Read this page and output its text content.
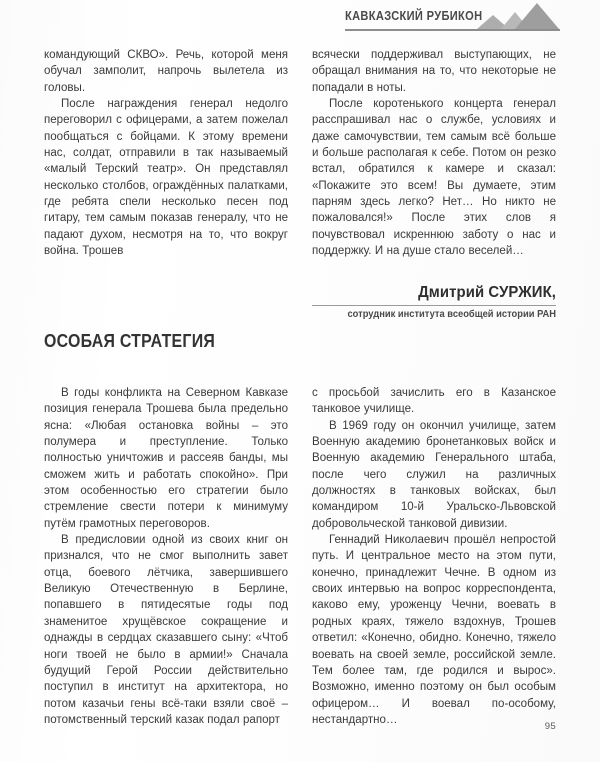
КАВКАЗСКИЙ РУБИКОН

командующий СКВО». Речь, которой меня обучал замполит, напрочь вылетела из головы.

После награждения генерал недолго переговорил с офицерами, а затем пожелал пообщаться с бойцами. К этому времени нас, солдат, отправили в так называемый «малый Терский театр». Он представлял несколько столбов, ограждённых палатками, где ребята спели несколько песен под гитару, тем самым показав генералу, что не падают духом, несмотря на то, что вокруг война. Трошев

всячески поддерживал выступающих, не обращал внимания на то, что некоторые не попадали в ноты.

После коротенького концерта генерал расспрашивал нас о службе, условиях и даже самочувствии, тем самым всё больше и больше располагая к себе. Потом он резко встал, обратился к камере и сказал: «Покажите это всем! Вы думаете, этим парням здесь легко? Нет… Но никто не пожаловался!» После этих слов я почувствовал искреннюю заботу о нас и поддержку. И на душе стало веселей…

Дмитрий СУРЖИК,
сотрудник института всеобщей истории РАН
ОСОБАЯ СТРАТЕГИЯ

В годы конфликта на Северном Кавказе позиция генерала Трошева была предельно ясна: «Любая остановка войны – это полумера и преступление. Только полностью уничтожив и рассеяв банды, мы сможем жить и работать спокойно». При этом особенностью его стратегии было стремление свести потери к минимуму путём грамотных переговоров.

В предисловии одной из своих книг он признался, что не смог выполнить завет отца, боевого лётчика, завершившего Великую Отечественную в Берлине, попавшего в пятидесятые годы под знаменитое хрущёвское сокращение и однажды в сердцах сказавшего сыну: «Чтоб ноги твоей не было в армии!» Сначала будущий Герой России действительно поступил в институт на архитектора, но потом казачьи гены всё-таки взяли своё – потомственный терский казак подал рапорт

с просьбой зачислить его в Казанское танковое училище.

В 1969 году он окончил училище, затем Военную академию бронетанковых войск и Военную академию Генерального штаба, после чего служил на различных должностях в танковых войсках, был командиром 10-й Уральско-Львовской добровольческой танковой дивизии.

Геннадий Николаевич прошёл непростой путь. И центральное место на этом пути, конечно, принадлежит Чечне. В одном из своих интервью на вопрос корреспондента, каково ему, уроженцу Чечни, воевать в родных краях, тяжело вздохнув, Трошев ответил: «Конечно, обидно. Конечно, тяжело воевать на своей земле, российской земле. Тем более там, где родился и вырос». Возможно, именно поэтому он был особым офицером… И воевал по-особому, нестандартно…

95
